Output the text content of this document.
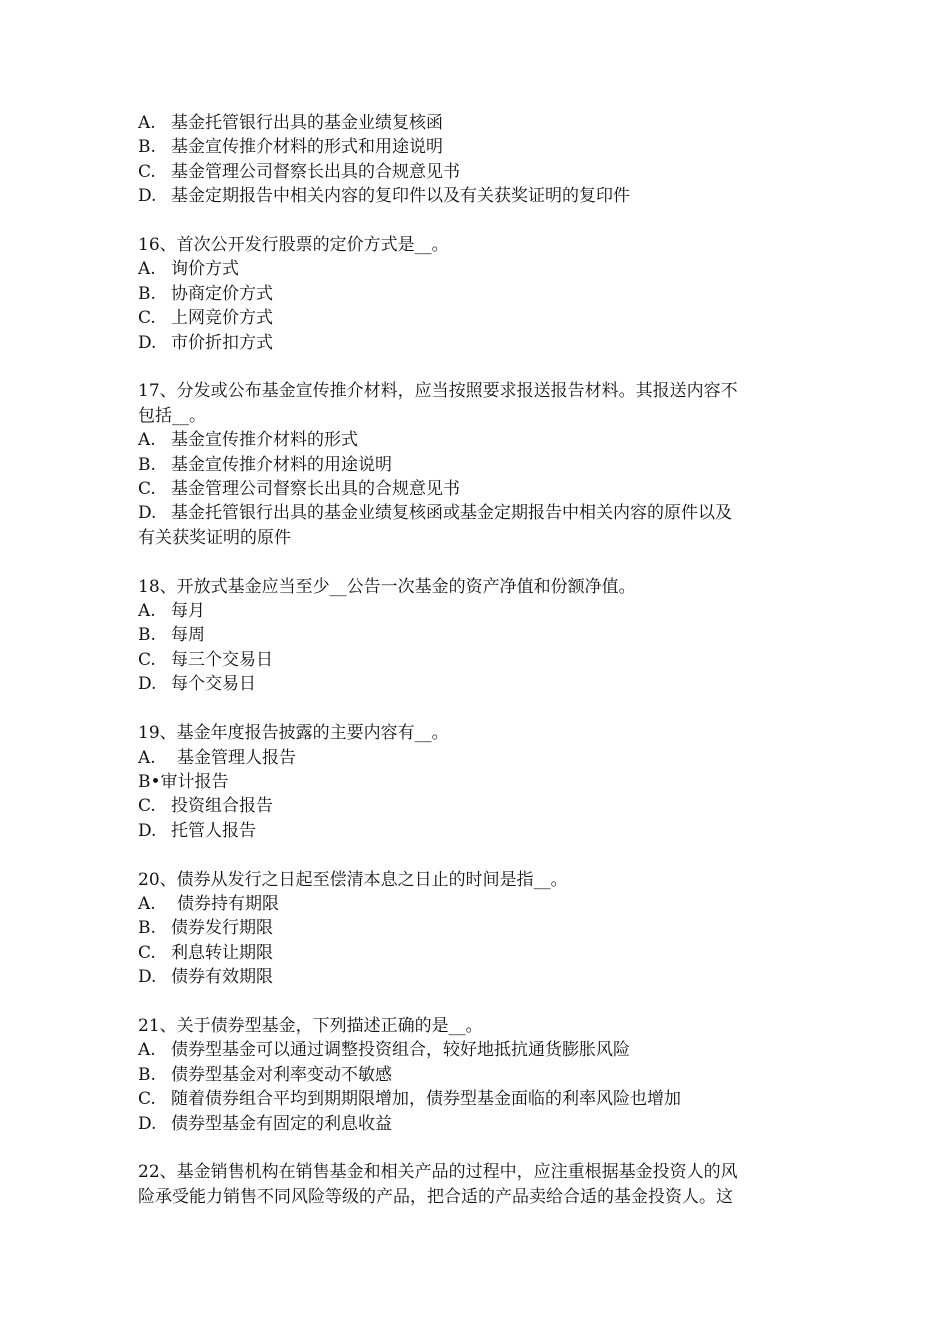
A. 基金托管银行出具的基金业绩复核函
B. 基金宣传推介材料的形式和用途说明
C. 基金管理公司督察长出具的合规意见书
D. 基金定期报告中相关内容的复印件以及有关获奖证明的复印件
16、首次公开发行股票的定价方式是__。
A. 询价方式
B. 协商定价方式
C. 上网竞价方式
D. 市价折扣方式
17、分发或公布基金宣传推介材料，应当按照要求报送报告材料。其报送内容不
包括__。
A. 基金宣传推介材料的形式
B. 基金宣传推介材料的用途说明
C. 基金管理公司督察长出具的合规意见书
D. 基金托管银行出具的基金业绩复核函或基金定期报告中相关内容的原件以及
有关获奖证明的原件
18、开放式基金应当至少__公告一次基金的资产净值和份额净值。
A. 每月
B. 每周
C. 每三个交易日
D. 每个交易日
19、基金年度报告披露的主要内容有__。
A.	基金管理人报告
B• 审计报告
C. 投资组合报告
D. 托管人报告
20、债券从发行之日起至偿清本息之日止的时间是指__。
A.	债券持有期限
B. 债券发行期限
C. 利息转让期限
D. 债券有效期限
21、关于债券型基金，下列描述正确的是__。
A. 债券型基金可以通过调整投资组合，较好地抵抗通货膨胀风险
B. 债券型基金对利率变动不敏感
C. 随着债券组合平均到期期限增加，债券型基金面临的利率风险也增加
D. 债券型基金有固定的利息收益
22、基金销售机构在销售基金和相关产品的过程中，应注重根据基金投资人的风
险承受能力销售不同风险等级的产品，把合适的产品卖给合适的基金投资人。这
